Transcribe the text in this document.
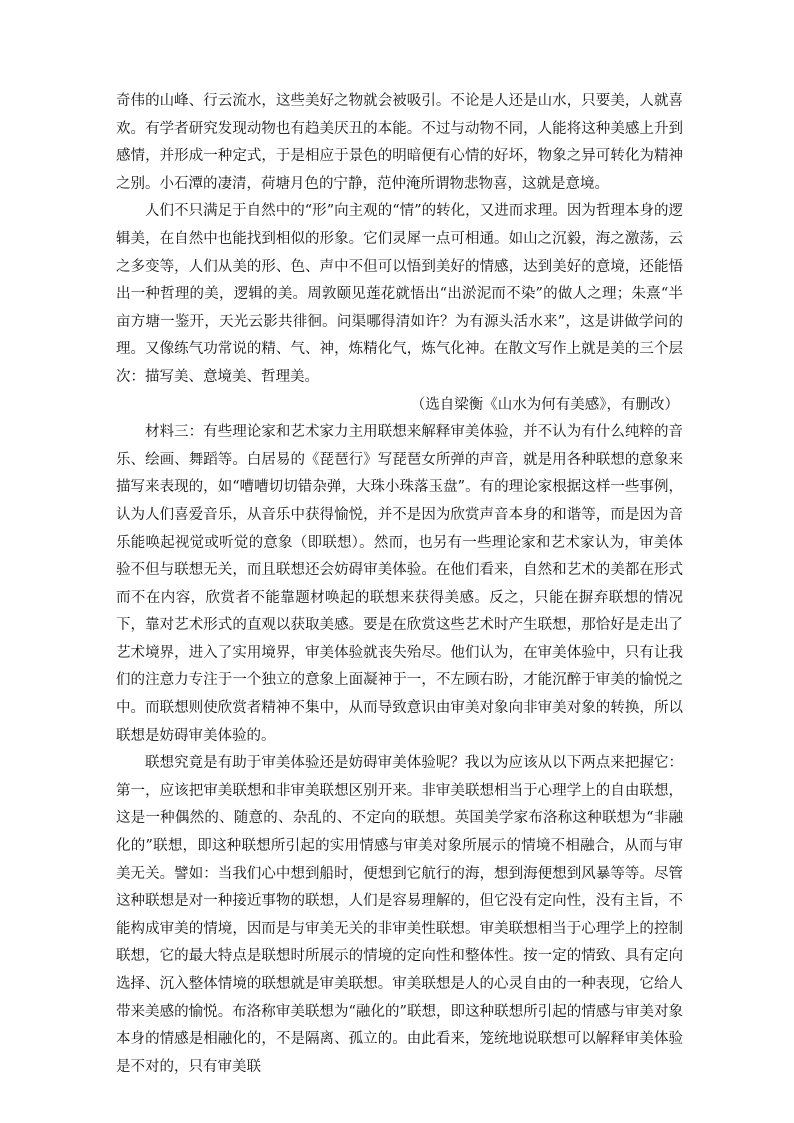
奇伟的山峰、行云流水，这些美好之物就会被吸引。不论是人还是山水，只要美，人就喜欢。有学者研究发现动物也有趋美厌丑的本能。不过与动物不同，人能将这种美感上升到感情，并形成一种定式，于是相应于景色的明暗便有心情的好坏，物象之异可转化为精神之别。小石潭的凄清，荷塘月色的宁静，范仲淹所谓物悲物喜，这就是意境。

人们不只满足于自然中的“形”向主观的“情”的转化，又进而求理。因为哲理本身的逻辑美，在自然中也能找到相似的形象。它们灵犀一点可相通。如山之沉毅，海之激荡，云之多变等，人们从美的形、色、声中不但可以悟到美好的情感，达到美好的意境，还能悟出一种哲理的美，逻辑的美。周敦颐见莲花就悟出“出淤泥而不染”的做人之理；朱熹“半亩方塘一鉴开，天光云影共徘徊。问渠哪得清如许？为有源头活水来”，这是讲做学问的理。又像练气功常说的精、气、神，炼精化气，炼气化神。在散文写作上就是美的三个层次：描写美、意境美、哲理美。

（选自梁衡《山水为何有美感》，有删改）

材料三：有些理论家和艺术家力主用联想来解释审美体验，并不认为有什么纯粹的音乐、绘画、舞蹈等。白居易的《琵琶行》写琵琶女所弹的声音，就是用各种联想的意象来描写来表现的，如“嘈嘈切切错杂弹，大珠小珠落玉盘”。有的理论家根据这样一些事例，认为人们喜爱音乐，从音乐中获得愉悦，并不是因为欣赏声音本身的和谐等，而是因为音乐能唤起视觉或听觉的意象（即联想）。然而，也另有一些理论家和艺术家认为，审美体验不但与联想无关，而且联想还会妨碍审美体验。在他们看来，自然和艺术的美都在形式而不在内容，欣赏者不能靠题材唤起的联想来获得美感。反之，只能在摒弃联想的情况下，靠对艺术形式的直观以获取美感。要是在欣赏这些艺术时产生联想，那恰好是走出了艺术境界，进入了实用境界，审美体验就丧失殆尽。他们认为，在审美体验中，只有让我们的注意力专注于一个独立的意象上面凝神于一，不左顾右盼，才能沉醉于审美的愉悦之中。而联想则使欣赏者精神不集中，从而导致意识由审美对象向非审美对象的转换，所以联想是妨碍审美体验的。

联想究竟是有助于审美体验还是妨碍审美体验呢？我以为应该从以下两点来把握它：第一，应该把审美联想和非审美联想区别开来。非审美联想相当于心理学上的自由联想，这是一种偶然的、随意的、杂乱的、不定向的联想。英国美学家布洛称这种联想为“非融化的”联想，即这种联想所引起的实用情感与审美对象所展示的情境不相融合，从而与审美无关。譬如：当我们心中想到船时，便想到它航行的海，想到海便想到风暴等等。尽管这种联想是对一种接近事物的联想，人们是容易理解的，但它没有定向性，没有主旨，不能构成审美的情境，因而是与审美无关的非审美性联想。审美联想相当于心理学上的控制联想，它的最大特点是联想时所展示的情境的定向性和整体性。按一定的情致、具有定向选择、沉入整体情境的联想就是审美联想。审美联想是人的心灵自由的一种表现，它给人带来美感的愉悦。布洛称审美联想为“融化的”联想，即这种联想所引起的情感与审美对象本身的情感是相融化的，不是隔离、孤立的。由此看来，笼统地说联想可以解释审美体验是不对的，只有审美联
